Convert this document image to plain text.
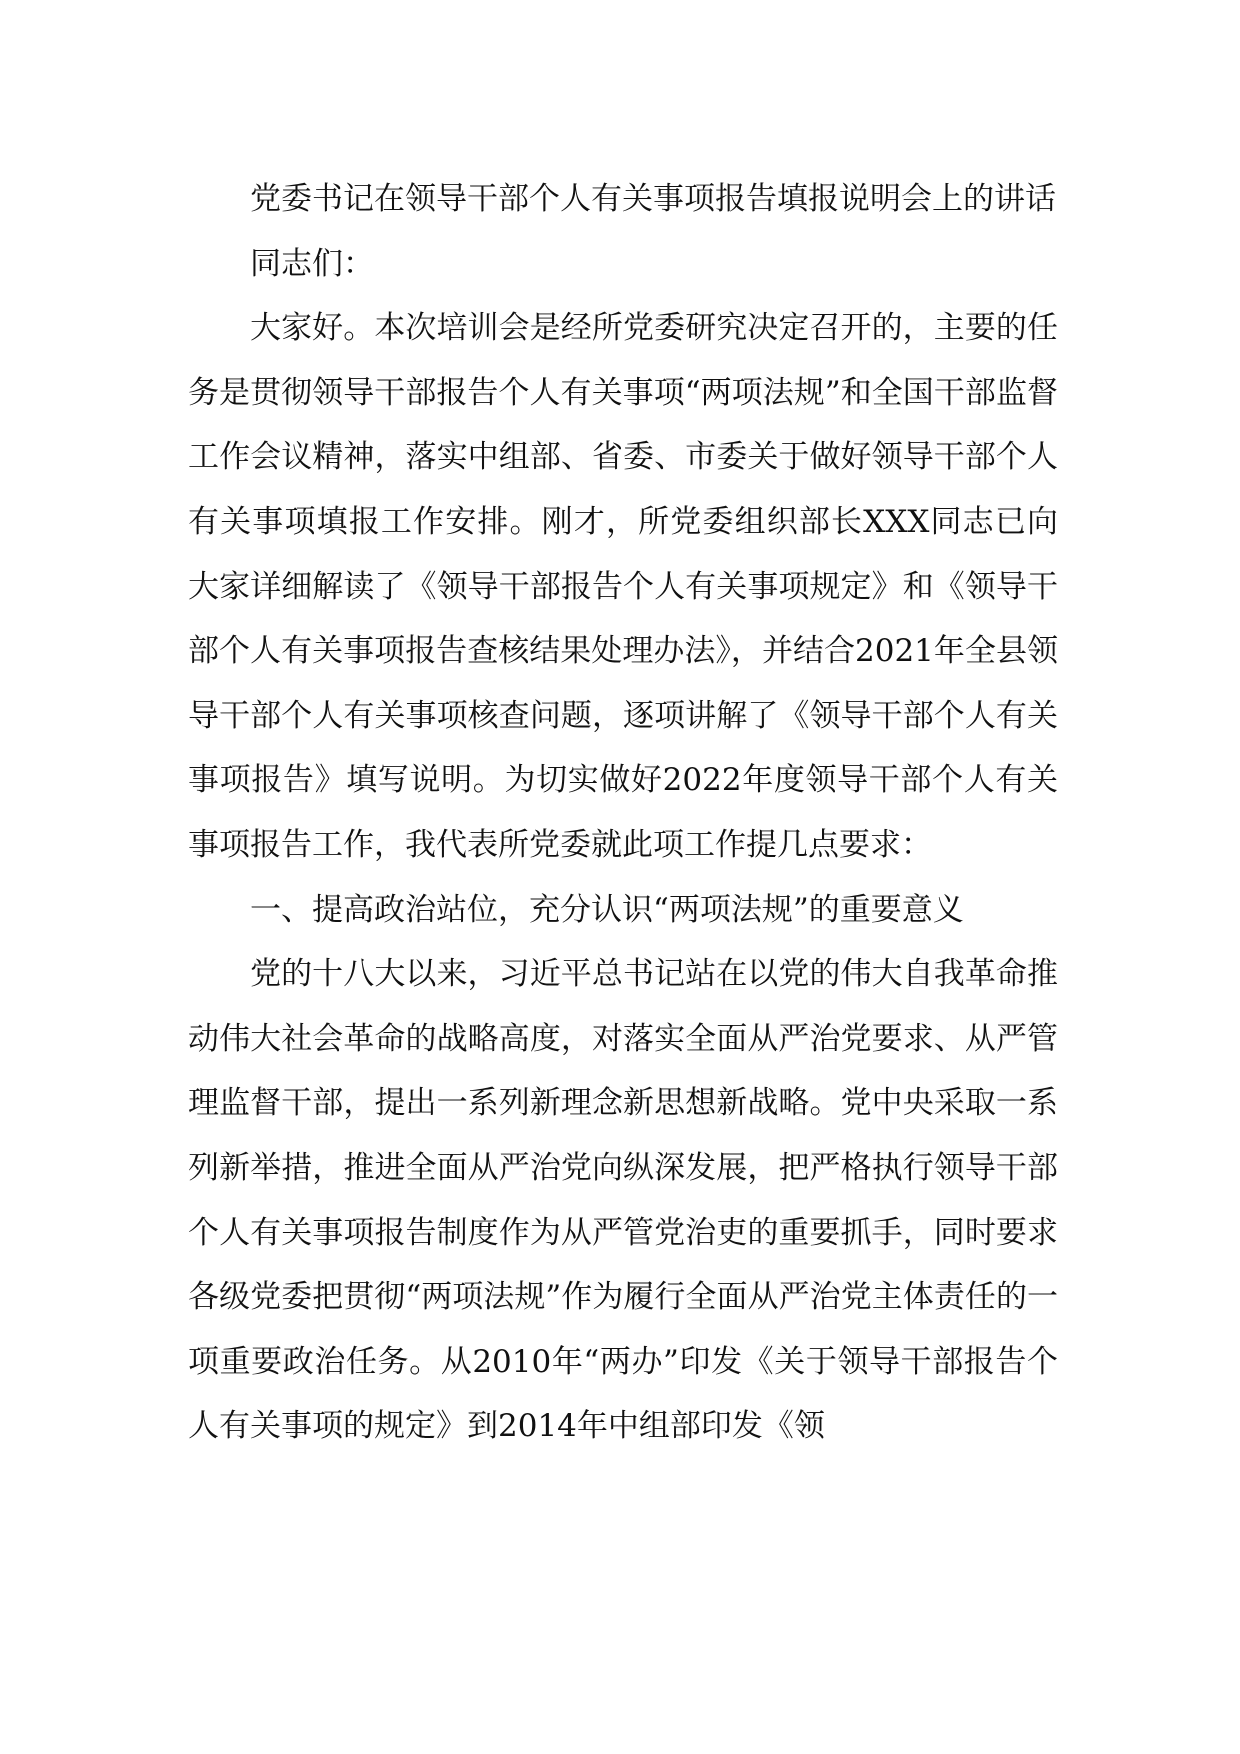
党委书记在领导干部个人有关事项报告填报说明会上的讲话

同志们：

大家好。本次培训会是经所党委研究决定召开的，主要的任务是贯彻领导干部报告个人有关事项“两项法规”和全国干部监督工作会议精神，落实中组部、省委、市委关于做好领导干部个人有关事项填报工作安排。刚才，所党委组织部长XXX同志已向大家详细解读了《领导干部报告个人有关事项规定》和《领导干部个人有关事项报告查核结果处理办法》，并结合2021年全县领导干部个人有关事项核查问题，逐项讲解了《领导干部个人有关事项报告》填写说明。为切实做好2022年度领导干部个人有关事项报告工作，我代表所党委就此项工作提几点要求：

一、提高政治站位，充分认识“两项法规”的重要意义

党的十八大以来，习近平总书记站在以党的伟大自我革命推动伟大社会革命的战略高度，对落实全面从严治党要求、从严管理监督干部，提出一系列新理念新思想新战略。党中央采取一系列新举措，推进全面从严治党向纵深发展，把严格执行领导干部个人有关事项报告制度作为从严管党治吏的重要抓手，同时要求各级党委把贯彻“两项法规”作为履行全面从严治党主体责任的一项重要政治任务。从2010年“两办”印发《关于领导干部报告个人有关事项的规定》到2014年中组部印发《领
